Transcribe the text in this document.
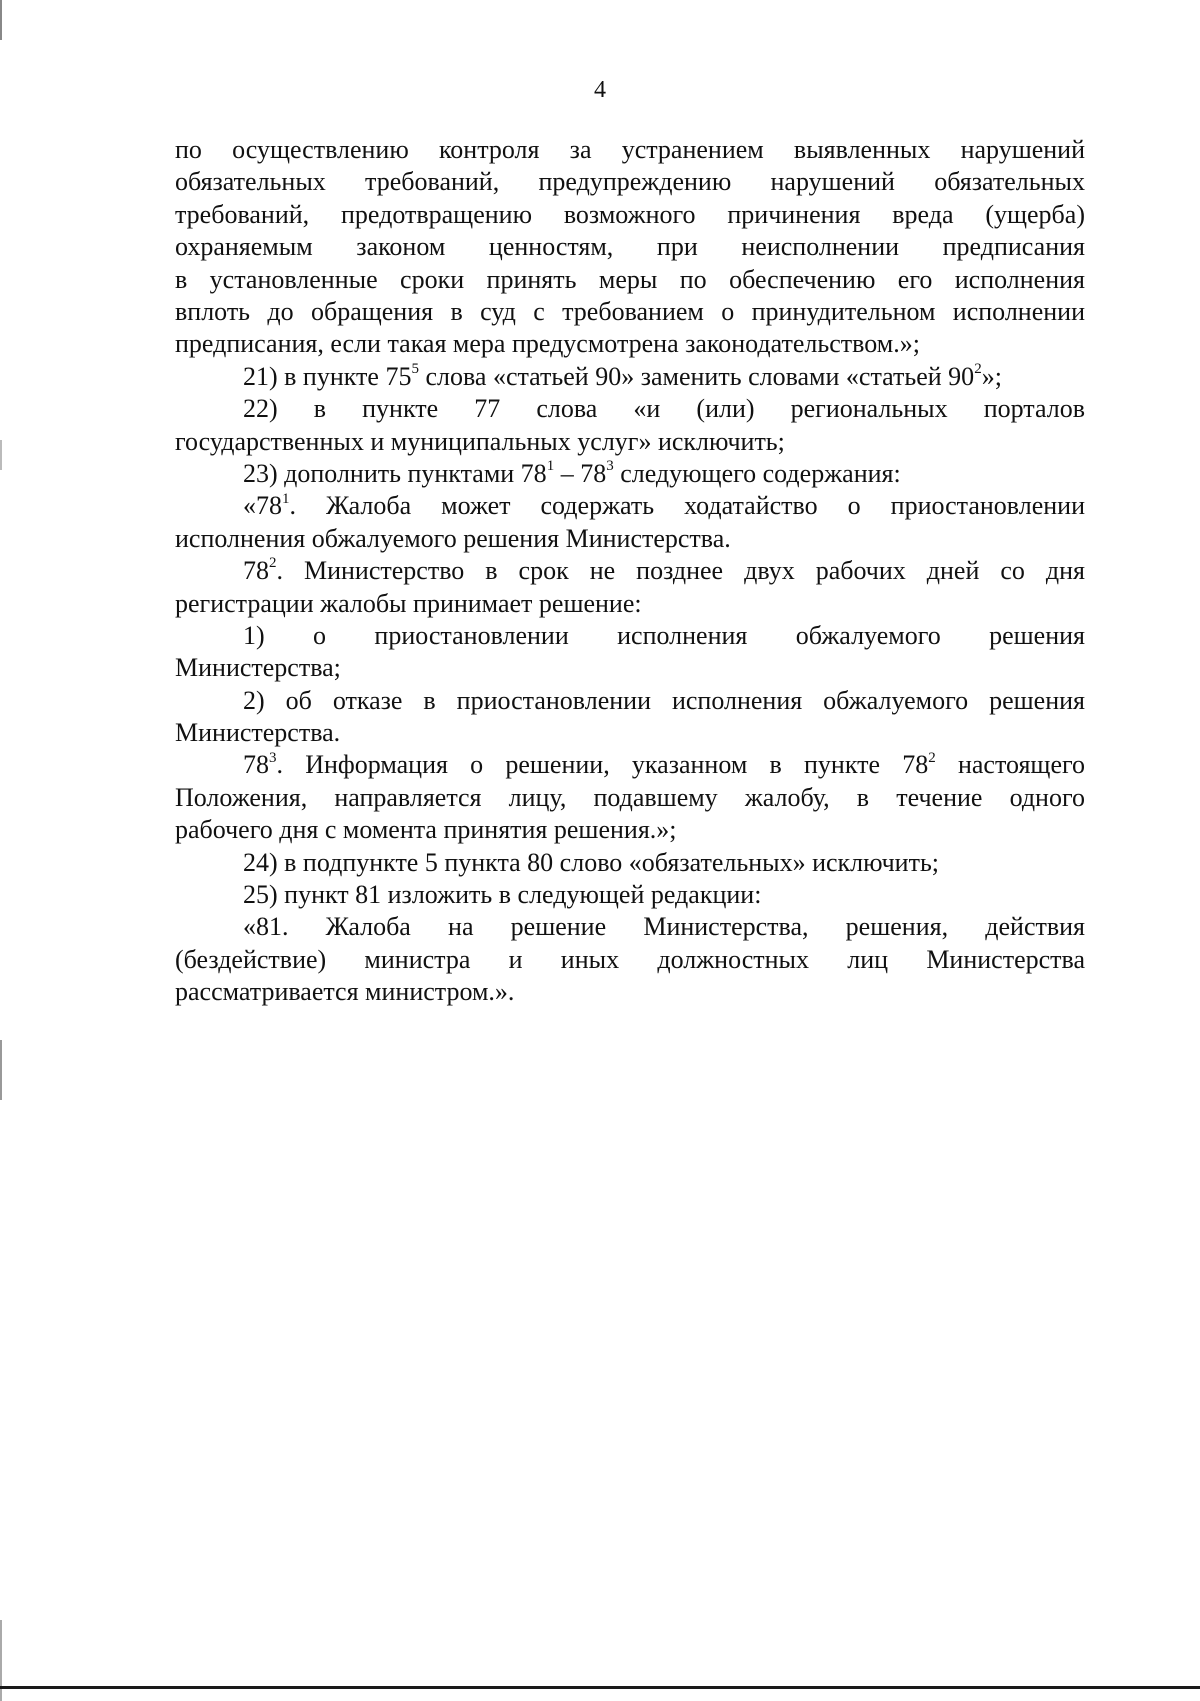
4
по осуществлению контроля за устранением выявленных нарушений
обязательных требований, предупреждению нарушений обязательных
требований, предотвращению возможного причинения вреда (ущерба)
охраняемым законом ценностям, при неисполнении предписания
в установленные сроки принять меры по обеспечению его исполнения
вплоть до обращения в суд с требованием о принудительном исполнении
предписания, если такая мера предусмотрена законодательством.»;
21) в пункте $75^5$ слова «статьей 90» заменить словами «статьей $90^2$»;
22) в пункте 77 слова «и (или) региональных порталов
государственных и муниципальных услуг» исключить;
23) дополнить пунктами $78^1 - 78^3$ следующего содержания:
«$78^1$. Жалоба может содержать ходатайство о приостановлении
исполнения обжалуемого решения Министерства.
$78^2$. Министерство в срок не позднее двух рабочих дней со дня
регистрации жалобы принимает решение:
1) о приостановлении исполнения обжалуемого решения
Министерства;
2) об отказе в приостановлении исполнения обжалуемого решения
Министерства.
$78^3$. Информация о решении, указанном в пункте $78^2$ настоящего
Положения, направляется лицу, подавшему жалобу, в течение одного
рабочего дня с момента принятия решения.»;
24) в подпункте 5 пункта 80 слово «обязательных» исключить;
25) пункт 81 изложить в следующей редакции:
«81. Жалоба на решение Министерства, решения, действия
(бездействие) министра и иных должностных лиц Министерства
рассматривается министром.».
